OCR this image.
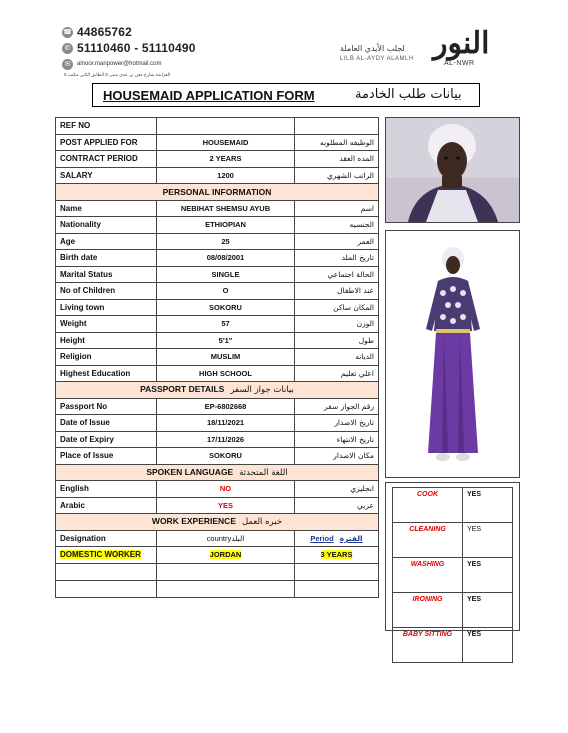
☎ 44865762
✆ 51110460 - 51110490
✉	alnoor.manpower@hotmail.com
الفراشة شارع معن بن عدي مبنى 8 الطابق الثاني مكتب 5
لجلب الأيدي العاملة
LILB AL-AYDY ALAMLH النور
AL-NWR
HOUSEMAID APPLICATION FORM	بيانات طلب الخادمة
REF NO		
POST APPLIED FOR	HOUSEMAID	الوظيفه المطلوبه
CONTRACT PERIOD	2 YEARS	المده العقد
SALARY	1200	الراتب الشهري
PERSONAL INFORMATION		
Name	NEBIHAT SHEMSU AYUB	اسم
Nationality	ETHIOPIAN	الجنسيه
Age	25	العمر
Birth date	08/08/2001	تاريخ الملد
Marital Status	SINGLE	الحالة اجتماعي
No of Children	O	عند الاطفال
Living town	SOKORU	المكان ساكن
Weight	57	الوزن
Height	5'1"	طول
Religion	MUSLIM	الديانه
Highest Education	HIGH SCHOOL	اعلي تعليم
PASSPORT DETAILS بيانات جواز السفر		
Passport No	EP-6802668	رقم الجواز سفر
Date of Issue	18/11/2021	تاريخ الاصدار
Date of Expiry	17/11/2026	تاريخ الانتهاء
Place of Issue	SOKORU	مكان الاصدار
SPOKEN LANGUAGE اللغة المتحدثة		
English	NO	انجليزي
Arabic	YES	عربي
WORK EXPERIENCE خبره العمل		
Designation	countryالبلد	Period الفترة
DOMESTIC WORKER	JORDAN	3 YEARS

COOK	YES
CLEANING	YES
WASHING	YES
IRONING	YES
BABY SITTING	YES
